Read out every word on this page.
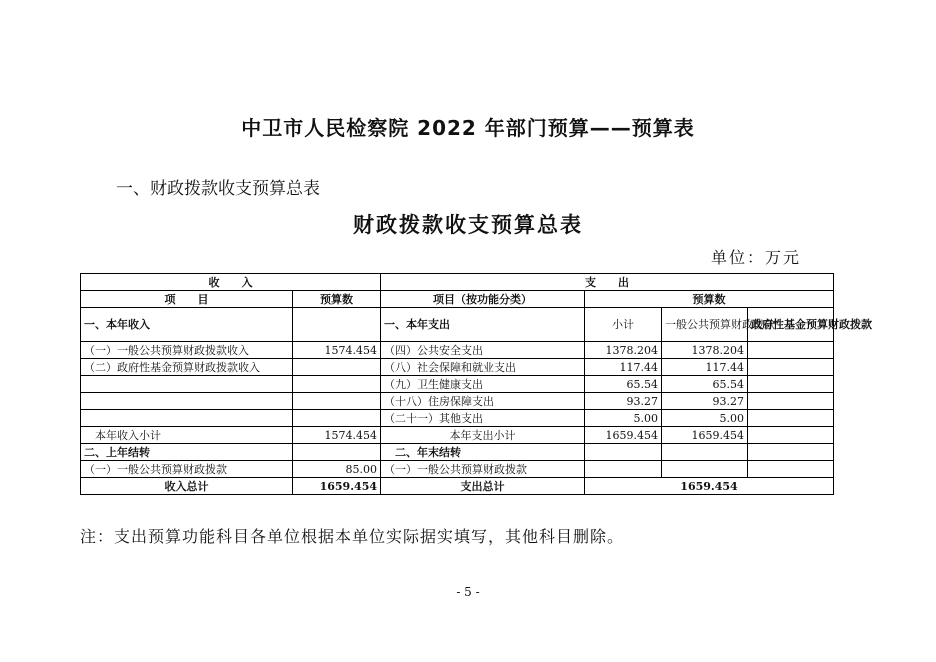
中卫市人民检察院 2022 年部门预算——预算表
一、财政拨款收支预算总表
财政拨款收支预算总表
单位：万元
收　　入		支　　出			
项　　目	预算数	项目（按功能分类）	预算数		

一、本年收入		一、本年支出	小计	一般公共预算财政拨款	政府性基金预算财政拨款
（一）一般公共预算财政拨款收入	1574.454	（四）公共安全支出	1378.204	1378.204	
（二）政府性基金预算财政拨款收入		（八）社会保障和就业支出	117.44	117.44	
		（九）卫生健康支出	65.54	65.54	
		（十八）住房保障支出	93.27	93.27	
		（二十一）其他支出	5.00	5.00	
本年收入小计	1574.454	本年支出小计	1659.454	1659.454	
二、上年结转		二、年末结转			
（一）一般公共预算财政拨款	85.00	（一）一般公共预算财政拨款			
收入总计	1659.454	支出总计	1659.454		
注：支出预算功能科目各单位根据本单位实际据实填写，其他科目删除。
- 5 -
